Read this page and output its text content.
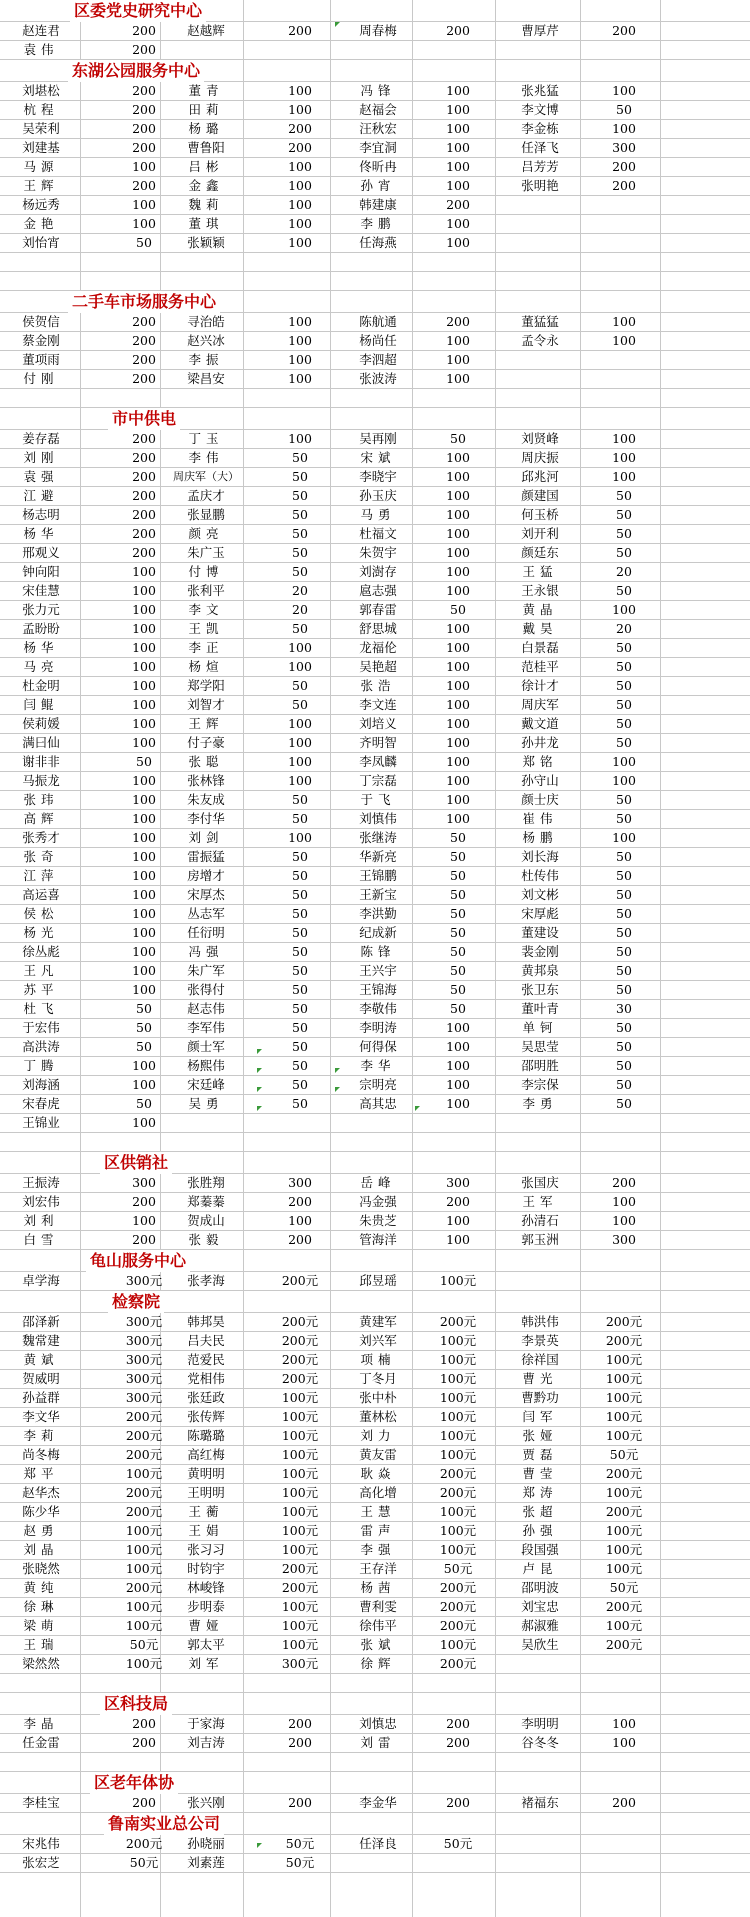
区委党史研究中心
赵连君	200	赵越辉	200	周春梅	200	曹厚芹	200
袁伟	200
东湖公园服务中心
刘堪松	200	董青	100	冯锋	100	张兆猛	100
杭程	200	田莉	100	赵福会	100	李文博	50
吴荣利	200	杨璐	200	汪秋宏	100	李金栋	100
刘建基	200	曹鲁阳	200	李宜洞	100	任泽飞	300
马源	100	吕彬	100	佟昕冉	100	吕芳芳	200
王辉	200	金鑫	100	孙宵	100	张明艳	200
杨远秀	100	魏莉	100	韩建康	200
金艳	100	董琪	100	李鹏	100
刘怡宵	50	张颖颖	100	任海燕	100
二手车市场服务中心
侯贺信	200	寻治皓	100	陈航通	200	董猛猛	100
蔡金刚	200	赵兴冰	100	杨尚任	100	孟令永	100
董项雨	200	李振	100	李泗超	100
付刚	200	梁昌安	100	张波涛	100
市中供电
姜存磊	200	丁玉	100	吴再刚	50	刘贤峰	100
刘刚	200	李伟	50	宋斌	100	周庆振	100
袁强	200	周庆军（大）	50	李晓宇	100	邱兆河	100
江避	200	孟庆才	50	孙玉庆	100	颜建国	50
杨志明	200	张显鹏	50	马勇	100	何玉桥	50
杨华	200	颜亮	50	杜福文	100	刘开利	50
邢观义	200	朱广玉	50	朱贺宇	100	颜廷东	50
钟向阳	100	付博	50	刘澍存	100	王猛	20
宋佳慧	100	张利平	20	扈志强	100	王永银	50
张力元	100	李文	20	郭春雷	50	黄晶	100
孟盼盼	100	王凯	50	舒思城	100	戴昊	20
杨华	100	李正	100	龙福伦	100	白景磊	50
马亮	100	杨煊	100	吴艳超	100	范桂平	50
杜金明	100	郑学阳	50	张浩	100	徐计才	50
闫鲲	100	刘智才	50	李文连	100	周庆军	50
侯莉媛	100	王辉	100	刘培义	100	戴文道	50
满曰仙	100	付子豪	100	齐明智	100	孙井龙	50
谢非非	50	张聪	100	李凤麟	100	郑铭	100
马振龙	100	张林锋	100	丁宗磊	100	孙守山	100
张玮	100	朱友成	50	于飞	100	颜士庆	50
高辉	100	李付华	50	刘慎伟	100	崔伟	50
张秀才	100	刘剑	100	张继涛	50	杨鹏	100
张奇	100	雷振猛	50	华新亮	50	刘长海	50
江萍	100	房增才	50	王锦鹏	50	杜传伟	50
高运喜	100	宋厚杰	50	王新宝	50	刘文彬	50
侯松	100	丛志军	50	李洪勤	50	宋厚彪	50
杨光	100	任衍明	50	纪成新	50	董建设	50
徐丛彪	100	冯强	50	陈锋	50	裴金刚	50
王凡	100	朱广军	50	王兴宇	50	黄邦泉	50
苏平	100	张得付	50	王锦海	50	张卫东	50
杜飞	50	赵志伟	50	李敬伟	50	董叶青	30
于宏伟	50	李军伟	50	李明涛	100	单钶	50
高洪涛	50	颜士军	50	何得保	100	吴思莹	50
丁腾	100	杨熙伟	50	李华	100	邵明胜	50
刘海涵	100	宋廷峰	50	宗明亮	100	李宗保	50
宋春虎	50	吴勇	50	高其忠	100	李勇	50
王锦业	100
区供销社
王振涛	300	张胜翔	300	岳峰	300	张国庆	200
刘宏伟	200	郑蓁蓁	200	冯金强	200	王军	100
刘利	100	贺成山	100	朱贵芝	100	孙清石	100
白雪	200	张毅	200	管海洋	100	郭玉洲	300
龟山服务中心
卓学海	300元	张孝海	200元	邱昱瑶	100元
检察院
邵泽新	300元	韩邦昊	200元	黄建军	200元	韩洪伟	200元
魏常建	300元	吕夫民	200元	刘兴军	100元	李景英	200元
黄斌	300元	范爱民	200元	项楠	100元	徐祥国	100元
贺威明	300元	党相伟	200元	丁冬月	100元	曹光	100元
孙益群	300元	张廷政	100元	张中朴	100元	曹黔功	100元
李文华	200元	张传辉	100元	董林松	100元	闫军	100元
李莉	200元	陈璐璐	100元	刘力	100元	张娅	100元
尚冬梅	200元	高红梅	100元	黄友雷	100元	贾磊	50元
郑平	100元	黄明明	100元	耿焱	200元	曹莹	200元
赵华杰	200元	王明明	100元	高化增	200元	郑涛	100元
陈少华	200元	王蘅	100元	王慧	100元	张超	200元
赵勇	100元	王娟	100元	雷声	100元	孙强	100元
刘晶	100元	张习习	100元	李强	100元	段国强	100元
张晓然	100元	时钧宇	200元	王存洋	50元	卢昆	100元
黄纯	200元	林峻锋	200元	杨茜	200元	邵明波	50元
徐琳	100元	步明泰	100元	曹利雯	200元	刘宝忠	200元
梁萌	100元	曹娅	100元	徐伟平	200元	郝淑雅	100元
王瑞	50元	郭太平	100元	张斌	100元	吴欣生	200元
梁然然	100元	刘军	300元	徐辉	200元
区科技局
李晶	200	于家海	200	刘慎忠	200	李明明	100
任金雷	200	刘吉涛	200	刘雷	200	谷冬冬	100
区老年体协
李桂宝	200	张兴刚	200	李金华	200	褚福东	200
鲁南实业总公司
宋兆伟	200元	孙晓丽	50元	任泽良	50元
张宏芝	50元	刘素莲	50元
